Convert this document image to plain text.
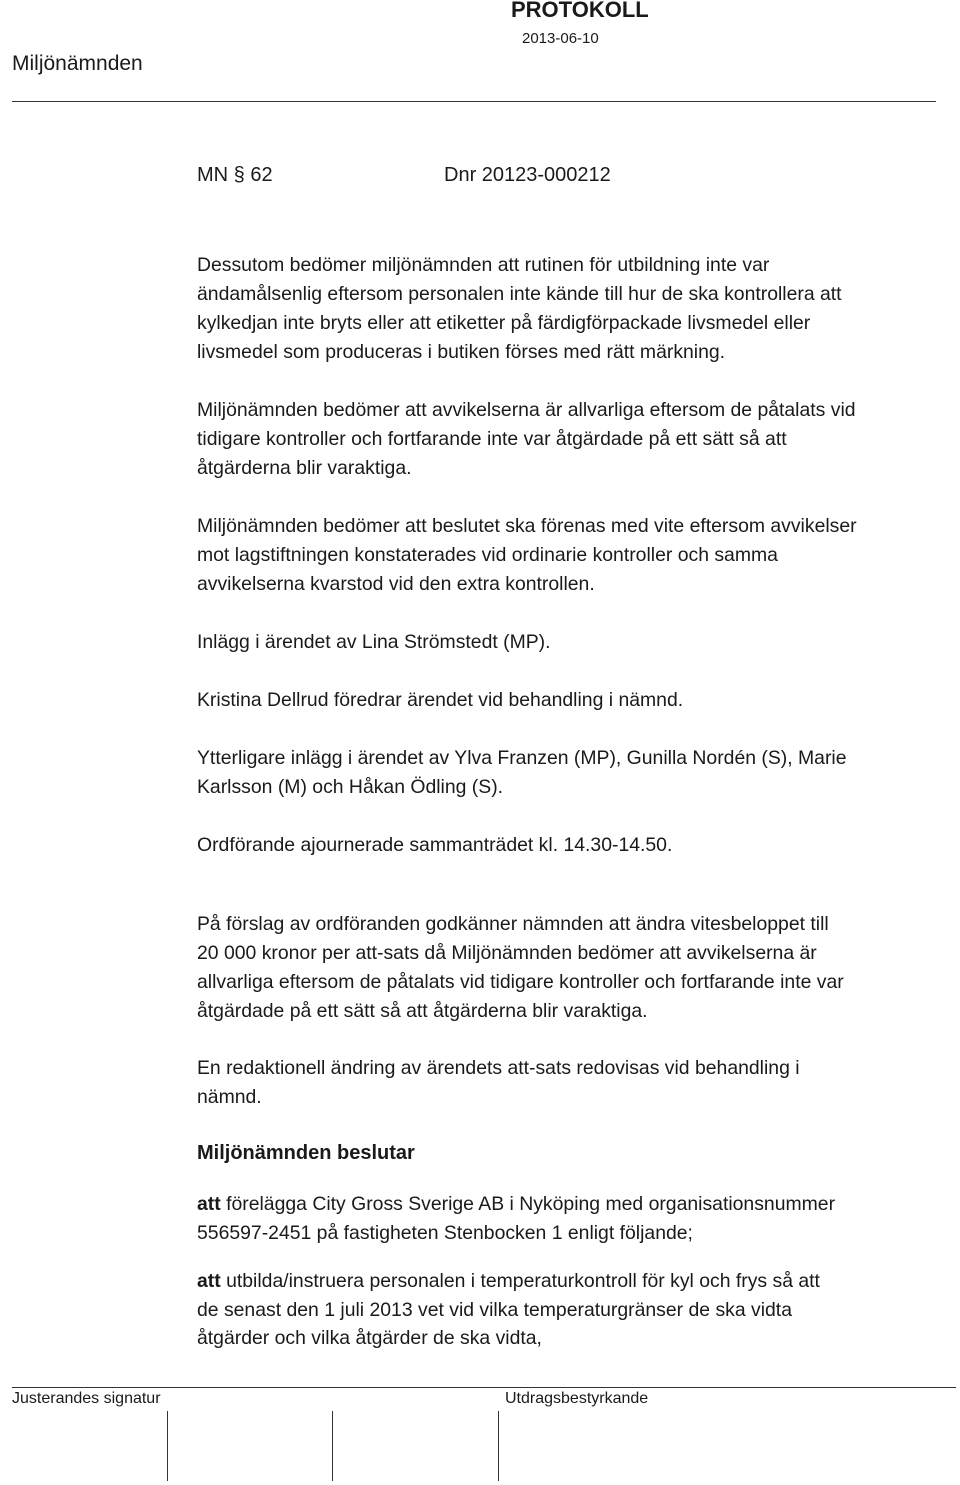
Miljönämnden
PROTOKOLL
2013-06-10
MN § 62	Dnr 20123-000212

Dessutom bedömer miljönämnden att rutinen för utbildning inte var
ändamålsenlig eftersom personalen inte kände till hur de ska kontrollera att
kylkedjan inte bryts eller att etiketter på färdigförpackade livsmedel eller
livsmedel som produceras i butiken förses med rätt märkning.

Miljönämnden bedömer att avvikelserna är allvarliga eftersom de påtalats vid
tidigare kontroller och fortfarande inte var åtgärdade på ett sätt så att
åtgärderna blir varaktiga.

Miljönämnden bedömer att beslutet ska förenas med vite eftersom avvikelser
mot lagstiftningen konstaterades vid ordinarie kontroller och samma
avvikelserna kvarstod vid den extra kontrollen.

Inlägg i ärendet av Lina Strömstedt (MP).

Kristina Dellrud föredrar ärendet vid behandling i nämnd.

Ytterligare inlägg i ärendet av Ylva Franzen (MP), Gunilla Nordén (S), Marie
Karlsson (M) och Håkan Ödling (S).

Ordförande ajournerade sammanträdet kl. 14.30-14.50.

På förslag av ordföranden godkänner nämnden att ändra vitesbeloppet till
20 000 kronor per att-sats då Miljönämnden bedömer att avvikelserna är
allvarliga eftersom de påtalats vid tidigare kontroller och fortfarande inte var
åtgärdade på ett sätt så att åtgärderna blir varaktiga.

En redaktionell ändring av ärendets att-sats redovisas vid behandling i
nämnd.

Miljönämnden beslutar

att förelägga City Gross Sverige AB i Nyköping med organisationsnummer
556597-2451 på fastigheten Stenbocken 1 enligt följande;

att utbilda/instruera personalen i temperaturkontroll för kyl och frys så att
de senast den 1 juli 2013 vet vid vilka temperaturgränser de ska vidta
åtgärder och vilka åtgärder de ska vidta,

Justerandes signatur	Utdragsbestyrkande
